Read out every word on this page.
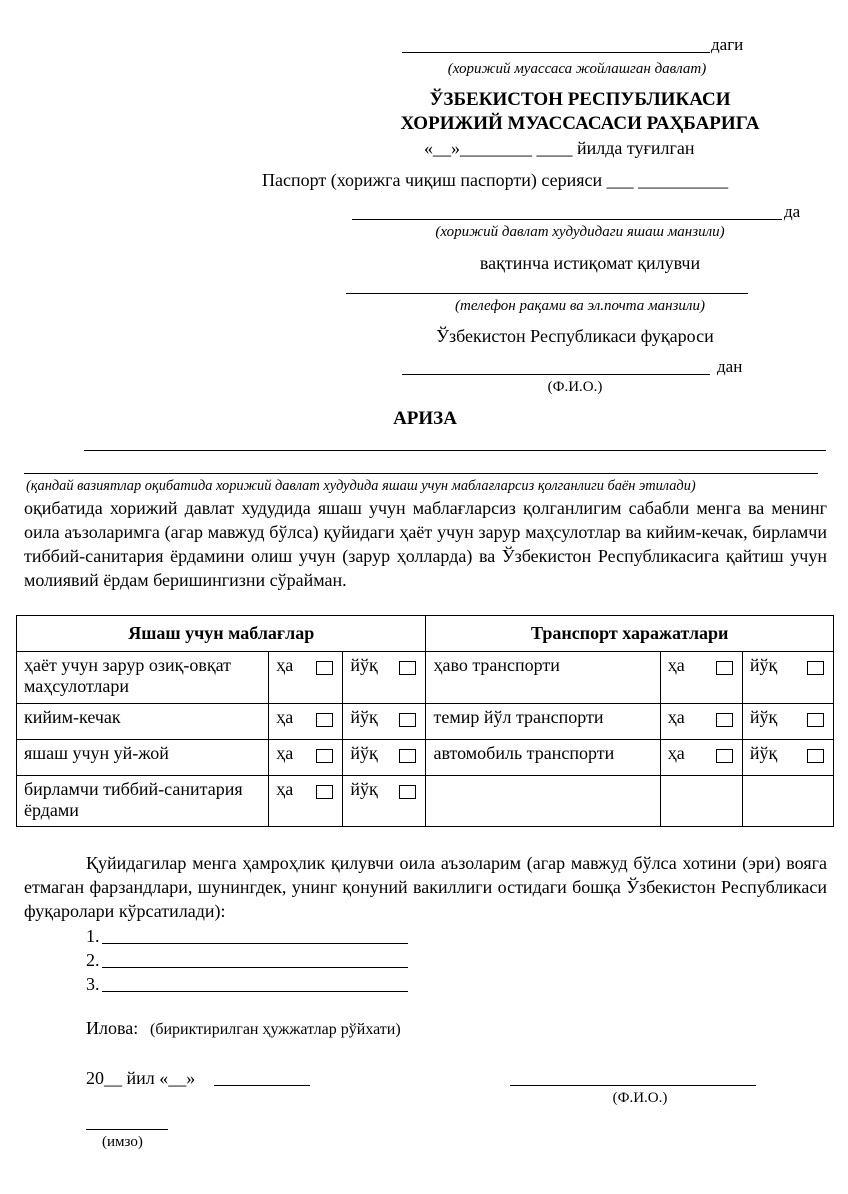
даги
(хорижий муассаса жойлашган давлат)
ЎЗБЕКИСТОН РЕСПУБЛИКАСИ
ХОРИЖИЙ МУАССАСАСИ РАҲБАРИГА
«__»________ ____ йилда туғилган
Паспорт (хорижга чиқиш паспорти) серияси ___ __________
да
(хорижий давлат худудидаги яшаш манзили)
вақтинча истиқомат қилувчи
(телефон рақами ва эл.почта манзили)
Ўзбекистон Республикаси фуқароси
дан
(Ф.И.О.)
АРИЗА
(қандай вазиятлар оқибатида хорижий давлат худудида яшаш учун маблағларсиз қолганлиги баён этилади)
оқибатида хорижий давлат худудида яшаш учун маблағларсиз қолганлигим сабабли менга ва менинг оила аъзоларимга (агар мавжуд бўлса) қуйидаги ҳаёт учун зарур маҳсулотлар ва кийим-кечак, бирламчи тиббий-санитария ёрдамини олиш учун (зарур ҳолларда) ва Ўзбекистон Республикасига қайтиш учун молиявий ёрдам беришингизни сўрайман.
Яшаш учун маблағлар			Транспорт харажатлари		
ҳаёт учун зарур озиқ-овқат маҳсулотлари	ҳа	йўқ	ҳаво транспорти	ҳа	йўқ

кийим-кечак	ҳа	йўқ	темир йўл транспорти	ҳа	йўқ

яшаш учун уй-жой	ҳа	йўқ	автомобиль транспорти	ҳа	йўқ

бирламчи тиббий-санитария ёрдами	ҳа	йўқ			

Қуйидагилар менга ҳамроҳлик қилувчи оила аъзоларим (агар мавжуд бўлса хотини (эри) вояга етмаган фарзандлари, шунингдек, унинг қонуний вакиллиги остидаги бошқа Ўзбекистон Республикаси фуқаролари кўрсатилади):
1.
2.
3.
Илова: (бириктирилган ҳужжатлар рўйхати)
20__ йил «__»
(Ф.И.О.)
(имзо)
